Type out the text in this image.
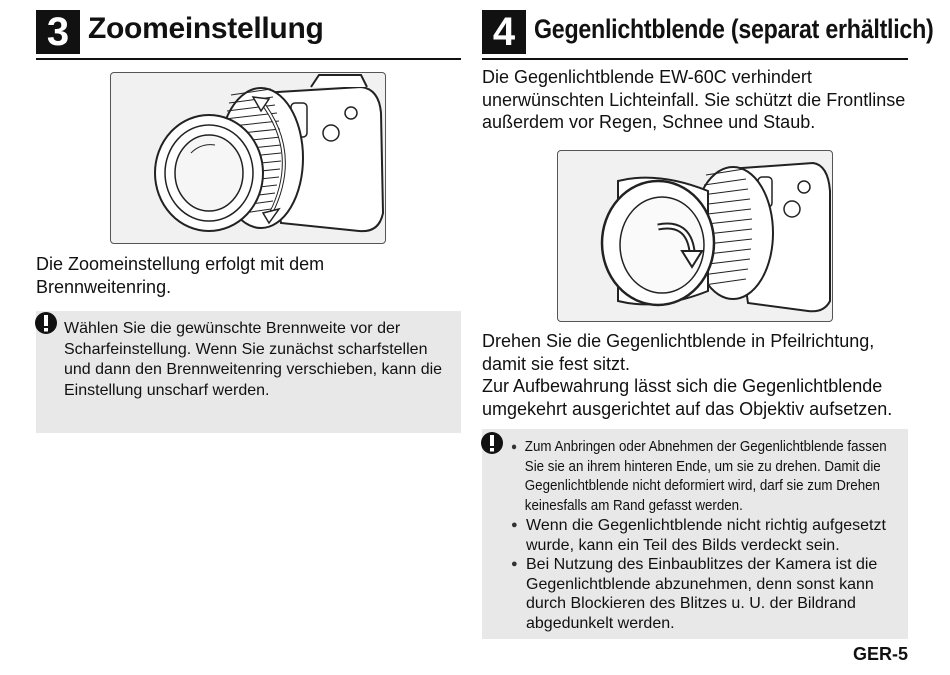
3 Zoomeinstellung

Die Zoomeinstellung erfolgt mit dem Brennweitenring.

Wählen Sie die gewünschte Brennweite vor der Scharfeinstellung. Wenn Sie zunächst scharfstellen und dann den Brennweitenring verschieben, kann die Einstellung unscharf werden.

4 Gegenlichtblende (separat erhältlich)

Die Gegenlichtblende EW-60C verhindert unerwünschten Lichteinfall. Sie schützt die Frontlinse außerdem vor Regen, Schnee und Staub.

Drehen Sie die Gegenlichtblende in Pfeilrichtung, damit sie fest sitzt.

Zur Aufbewahrung lässt sich die Gegenlichtblende umgekehrt ausgerichtet auf das Objektiv aufsetzen.

● Zum Anbringen oder Abnehmen der Gegenlichtblende fassen Sie sie an ihrem hinteren Ende, um sie zu drehen. Damit die Gegenlichtblende nicht deformiert wird, darf sie zum Drehen keinesfalls am Rand gefasst werden.
● Wenn die Gegenlichtblende nicht richtig aufgesetzt wurde, kann ein Teil des Bilds verdeckt sein.
● Bei Nutzung des Einbaublitzes der Kamera ist die Gegenlichtblende abzunehmen, denn sonst kann durch Blockieren des Blitzes u. U. der Bildrand abgedunkelt werden.
GER-5
